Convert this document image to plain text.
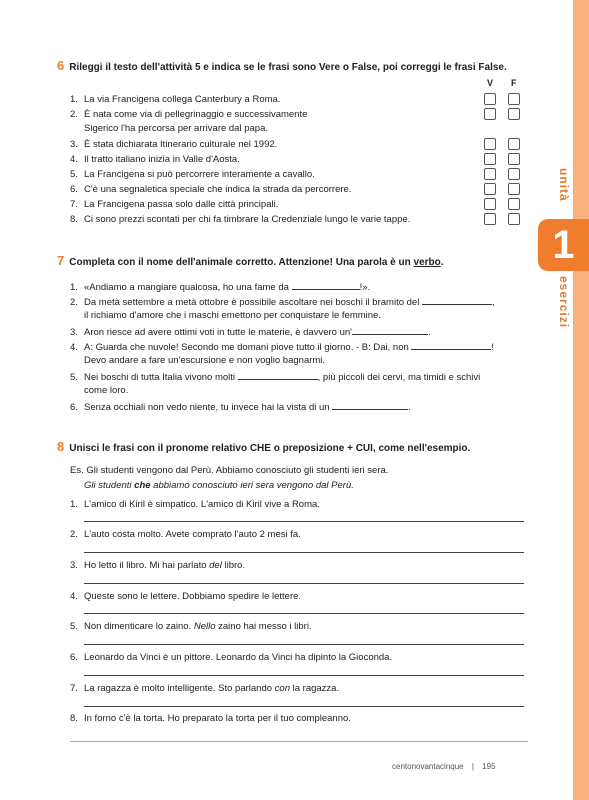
unità
1
esercizi
6 Rileggi il testo dell'attività 5 e indica se le frasi sono Vere o False, poi correggi le frasi False.
V F
1. La via Francigena collega Canterbury a Roma.
2. È nata come via di pellegrinaggio e successivamente
Sigerico l'ha percorsa per arrivare dal papa.
3. È stata dichiarata Itinerario culturale nel 1992.
4. Il tratto italiano inizia in Valle d'Aosta.
5. La Francigena si può percorrere interamente a cavallo.
6. C'è una segnaletica speciale che indica la strada da percorrere.
7. La Francigena passa solo dalle città principali.
8. Ci sono prezzi scontati per chi fa timbrare la Credenziale lungo le varie tappe.
7 Completa con il nome dell'animale corretto. Attenzione! Una parola è un verbo.
1. «Andiamo a mangiare qualcosa, ho una fame da	!».
2. Da metà settembre a metà ottobre è possibile ascoltare nei boschi il bramito del	,
il richiamo d'amore che i maschi emettono per conquistare le femmine.
3. Aron riesce ad avere ottimi voti in tutte le materie, è davvero un'	.
4. A: Guarda che nuvole! Secondo me domani piove tutto il giorno. - B: Dai, non	!
Devo andare a fare un'escursione e non voglio bagnarmi.
5. Nei boschi di tutta Italia vivono molti	, più piccoli dei cervi, ma timidi e schivi
come loro.
6. Senza occhiali non vedo niente, tu invece hai la vista di un	.
8 Unisci le frasi con il pronome relativo CHE o preposizione + CUI, come nell'esempio.
Es. Gli studenti vengono dal Perù. Abbiamo conosciuto gli studenti ieri sera.
Gli studenti che abbiamo conosciuto ieri sera vengono dal Perù.
1. L'amico di Kiril è simpatico. L'amico di Kiril vive a Roma.
2. L'auto costa molto. Avete comprato l'auto 2 mesi fa.
3. Ho letto il libro. Mi hai parlato del libro.
4. Queste sono le lettere. Dobbiamo spedire le lettere.
5. Non dimenticare lo zaino. Nello zaino hai messo i libri.
6. Leonardo da Vinci è un pittore. Leonardo da Vinci ha dipinto la Gioconda.
7. La ragazza è molto intelligente. Sto parlando con la ragazza.
8. In forno c'è la torta. Ho preparato la torta per il tuo compleanno.
centonovantacinque | 195
